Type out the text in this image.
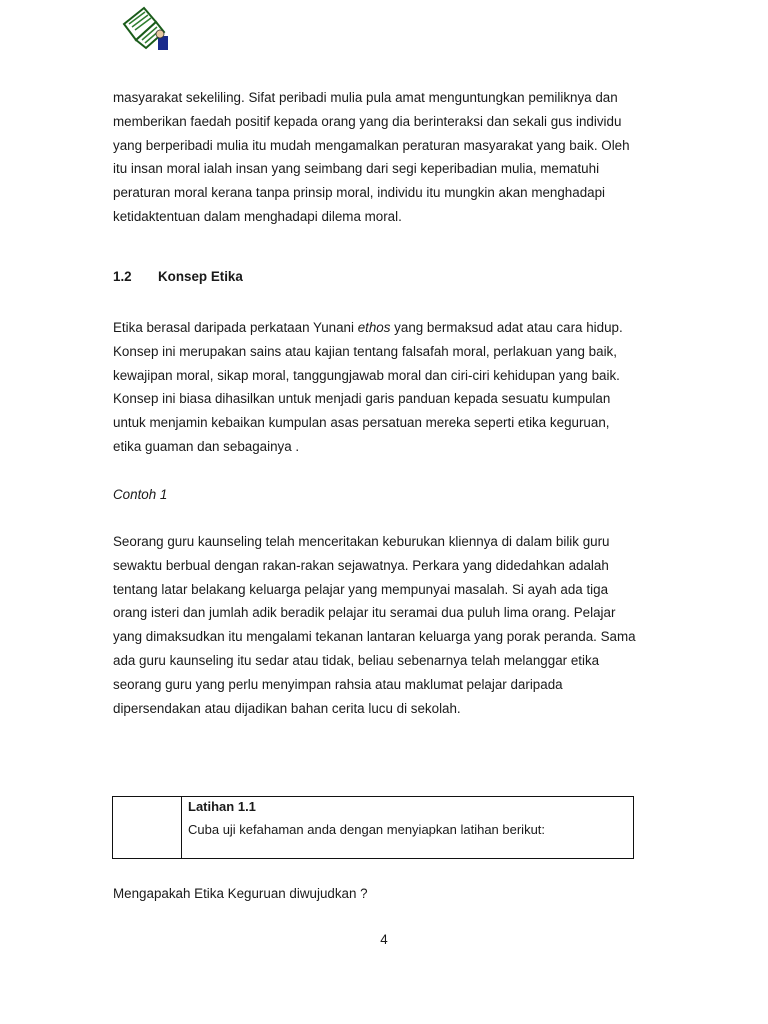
masyarakat sekeliling. Sifat peribadi mulia pula amat menguntungkan pemiliknya dan
memberikan faedah positif kepada orang yang dia berinteraksi dan sekali gus individu
yang berperibadi mulia itu mudah mengamalkan peraturan masyarakat yang baik. Oleh
itu insan moral ialah insan yang seimbang dari segi keperibadian mulia, mematuhi
peraturan moral kerana tanpa prinsip moral, individu itu mungkin akan menghadapi
ketidaktentuan dalam menghadapi dilema moral.
1.2 Konsep Etika
Etika berasal daripada perkataan Yunani ethos yang bermaksud adat atau cara hidup.
Konsep ini merupakan sains atau kajian tentang falsafah moral, perlakuan yang baik,
kewajipan moral, sikap moral, tanggungjawab moral dan ciri-ciri kehidupan yang baik.
Konsep ini biasa dihasilkan untuk menjadi garis panduan kepada sesuatu kumpulan
untuk menjamin kebaikan kumpulan asas persatuan mereka seperti etika keguruan,
etika guaman dan sebagainya .

Contoh 1

Seorang guru kaunseling telah menceritakan keburukan kliennya di dalam bilik guru
sewaktu berbual dengan rakan-rakan sejawatnya. Perkara yang didedahkan adalah
tentang latar belakang keluarga pelajar yang mempunyai masalah. Si ayah ada tiga
orang isteri dan jumlah adik beradik pelajar itu seramai dua puluh lima orang. Pelajar
yang dimaksudkan itu mengalami tekanan lantaran keluarga yang porak peranda. Sama
ada guru kaunseling itu sedar atau tidak, beliau sebenarnya telah melanggar etika
seorang guru yang perlu menyimpan rahsia atau maklumat pelajar daripada
dipersendakan atau dijadikan bahan cerita lucu di sekolah.
Latihan 1.1
Cuba uji kefahaman anda dengan menyiapkan latihan berikut:

Mengapakah Etika Keguruan diwujudkan ?

4
